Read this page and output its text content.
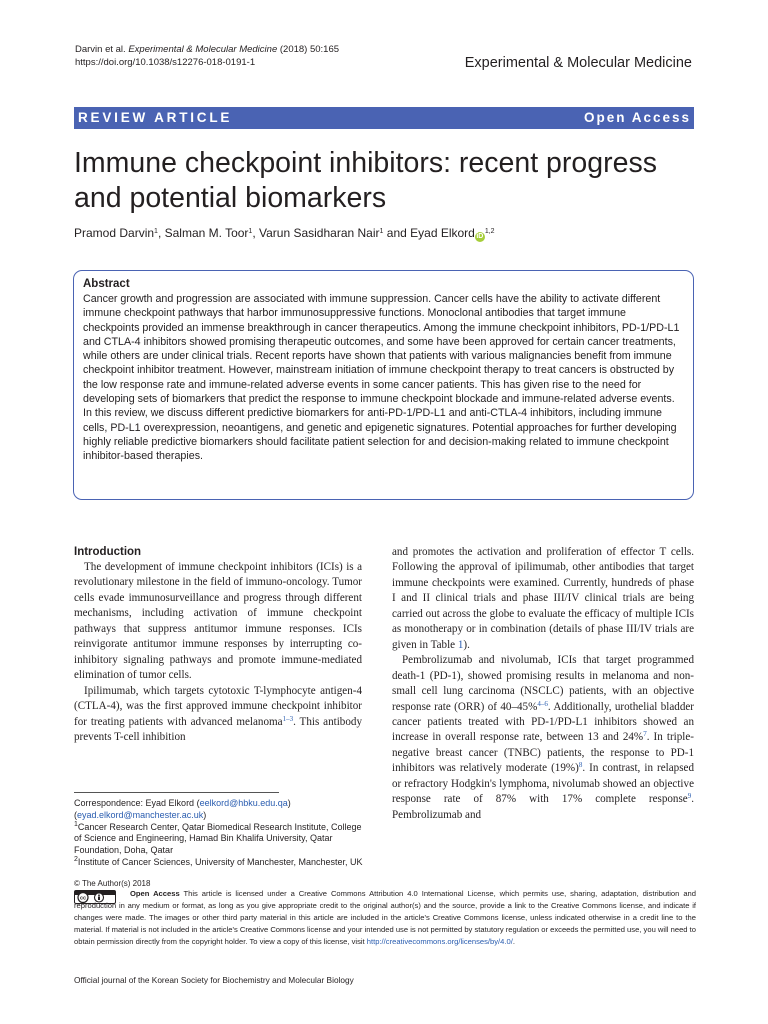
Darvin et al. Experimental & Molecular Medicine (2018) 50:165
https://doi.org/10.1038/s12276-018-0191-1	Experimental & Molecular Medicine
REVIEW ARTICLE	Open Access
Immune checkpoint inhibitors: recent progress and potential biomarkers
Pramod Darvin$^1$, Salman M. Toor$^1$, Varun Sasidharan Nair$^1$ and Eyad Elkord iD$^{1,2}$
Abstract

Cancer growth and progression are associated with immune suppression. Cancer cells have the ability to activate different immune checkpoint pathways that harbor immunosuppressive functions. Monoclonal antibodies that target immune checkpoints provided an immense breakthrough in cancer therapeutics. Among the immune checkpoint inhibitors, PD-1/PD-L1 and CTLA-4 inhibitors showed promising therapeutic outcomes, and some have been approved for certain cancer treatments, while others are under clinical trials. Recent reports have shown that patients with various malignancies benefit from immune checkpoint inhibitor treatment. However, mainstream initiation of immune checkpoint therapy to treat cancers is obstructed by the low response rate and immune-related adverse events in some cancer patients. This has given rise to the need for developing sets of biomarkers that predict the response to immune checkpoint blockade and immune-related adverse events. In this review, we discuss different predictive biomarkers for anti-PD-1/PD-L1 and anti-CTLA-4 inhibitors, including immune cells, PD-L1 overexpression, neoantigens, and genetic and epigenetic signatures. Potential approaches for further developing highly reliable predictive biomarkers should facilitate patient selection for and decision-making related to immune checkpoint inhibitor-based therapies.

Introduction

The development of immune checkpoint inhibitors (ICIs) is a revolutionary milestone in the field of immuno-oncology. Tumor cells evade immunosurveillance and progress through different mechanisms, including activation of immune checkpoint pathways that suppress antitumor immune responses. ICIs reinvigorate antitumor immune responses by interrupting co-inhibitory signaling pathways and promote immune-mediated elimination of tumor cells.

Ipilimumab, which targets cytotoxic T-lymphocyte antigen-4 (CTLA-4), was the first approved immune checkpoint inhibitor for treating patients with advanced melanoma$^{1-3}$. This antibody prevents T-cell inhibition

and promotes the activation and proliferation of effector T cells. Following the approval of ipilimumab, other antibodies that target immune checkpoints were examined. Currently, hundreds of phase I and II clinical trials and phase III/IV clinical trials are being carried out across the globe to evaluate the efficacy of multiple ICIs as monotherapy or in combination (details of phase III/IV trials are given in Table 1).

Pembrolizumab and nivolumab, ICIs that target programmed death-1 (PD-1), showed promising results in melanoma and non-small cell lung carcinoma (NSCLC) patients, with an objective response rate (ORR) of 40–45%$^{4-6}$. Additionally, urothelial bladder cancer patients treated with PD-1/PD-L1 inhibitors showed an increase in overall response rate, between 13 and 24%$^7$. In triple-negative breast cancer (TNBC) patients, the response to PD-1 inhibitors was relatively moderate (19%)$^8$. In contrast, in relapsed or refractory Hodgkin's lymphoma, nivolumab showed an objective response rate of 87% with 17% complete response$^9$. Pembrolizumab and

Correspondence: Eyad Elkord (eelkord@hbku.edu.qa) (eyad.elkord@manchester.ac.uk)

$^1$Cancer Research Center, Qatar Biomedical Research Institute, College of Science and Engineering, Hamad Bin Khalifa University, Qatar Foundation, Doha, Qatar

$^2$Institute of Cancer Sciences, University of Manchester, Manchester, UK

© The Author(s) 2018
cc

Open Access This article is licensed under a Creative Commons Attribution 4.0 International License, which permits use, sharing, adaptation, distribution and reproduction in any medium or format, as long as you give appropriate credit to the original author(s) and the source, provide a link to the Creative Commons license, and indicate if changes were made. The images or other third party material in this article are included in the article's Creative Commons license, unless indicated otherwise in a credit line to the material. If material is not included in the article's Creative Commons license and your intended use is not permitted by statutory regulation or exceeds the permitted use, you will need to obtain permission directly from the copyright holder. To view a copy of this license, visit http://creativecommons.org/licenses/by/4.0/.

Official journal of the Korean Society for Biochemistry and Molecular Biology
